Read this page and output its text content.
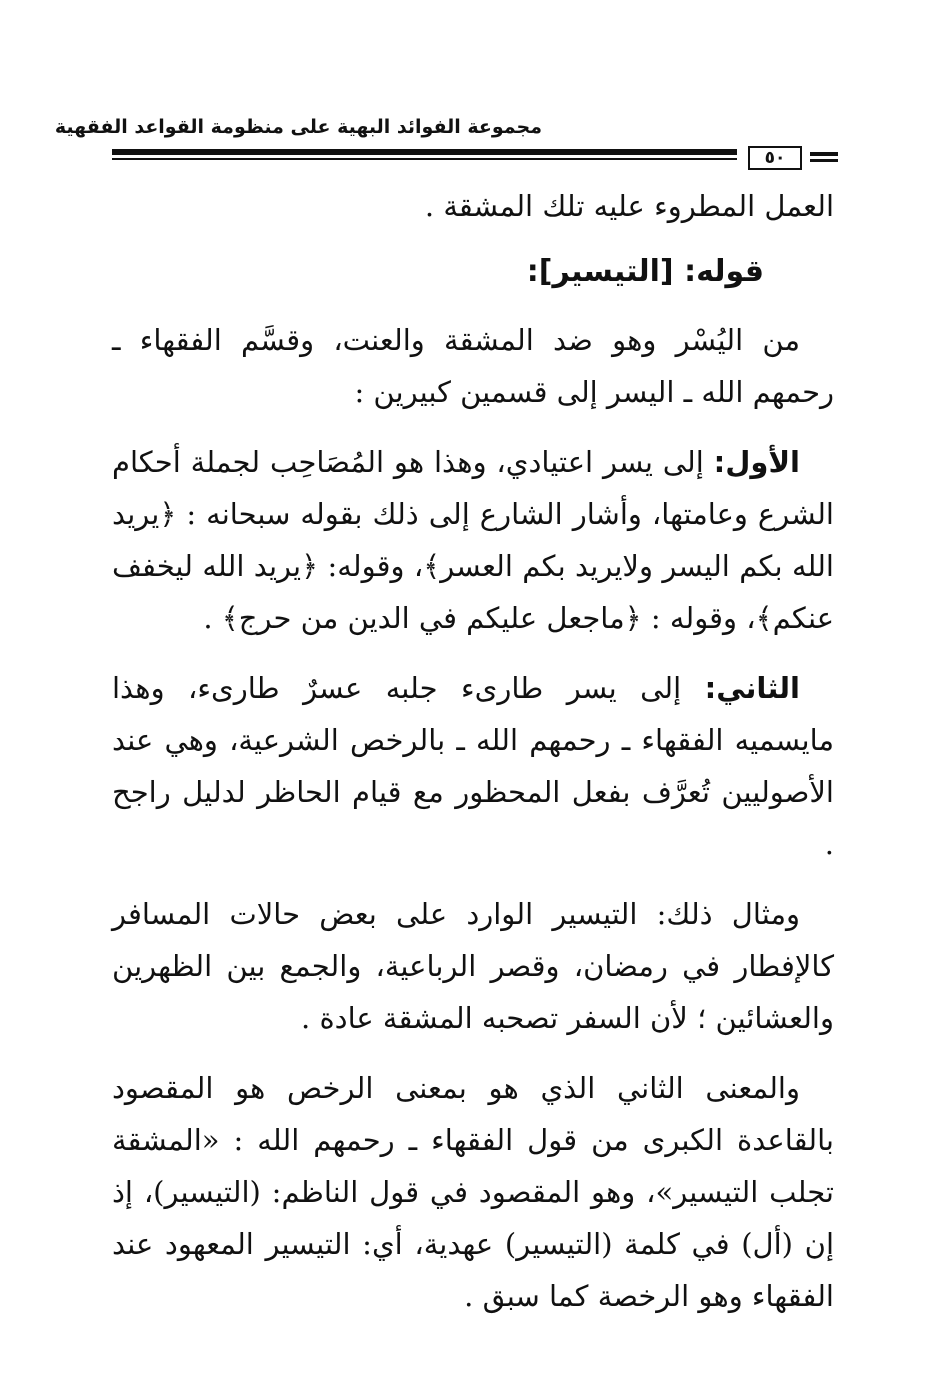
مجموعة الفوائد البهية على منظومة القواعد الفقهية
٥٠

العمل المطروء عليه تلك المشقة .

قوله: [التيسير]:

من اليُسْر وهو ضد المشقة والعنت، وقسَّم الفقهاء ـ رحمهم الله ـ اليسر إلى قسمين كبيرين :

الأول: إلى يسر اعتيادي، وهذا هو المُصَاحِب لجملة أحكام الشرع وعامتها، وأشار الشارع إلى ذلك بقوله سبحانه : ﴿يريد الله بكم اليسر ولايريد بكم العسر﴾، وقوله: ﴿يريد الله ليخفف عنكم﴾، وقوله : ﴿ماجعل عليكم في الدين من حرج﴾ .

الثاني: إلى يسر طارىء جلبه عسرٌ طارىء، وهذا مايسميه الفقهاء ـ رحمهم الله ـ بالرخص الشرعية، وهي عند الأصوليين تُعرَّف بفعل المحظور مع قيام الحاظر لدليل راجح .

ومثال ذلك: التيسير الوارد على بعض حالات المسافر كالإفطار في رمضان، وقصر الرباعية، والجمع بين الظهرين والعشائين ؛ لأن السفر تصحبه المشقة عادة .

والمعنى الثاني الذي هو بمعنى الرخص هو المقصود بالقاعدة الكبرى من قول الفقهاء ـ رحمهم الله : «المشقة تجلب التيسير»، وهو المقصود في قول الناظم: (التيسير)، إذ إن (أل) في كلمة (التيسير) عهدية، أي: التيسير المعهود عند الفقهاء وهو الرخصة كما سبق .
